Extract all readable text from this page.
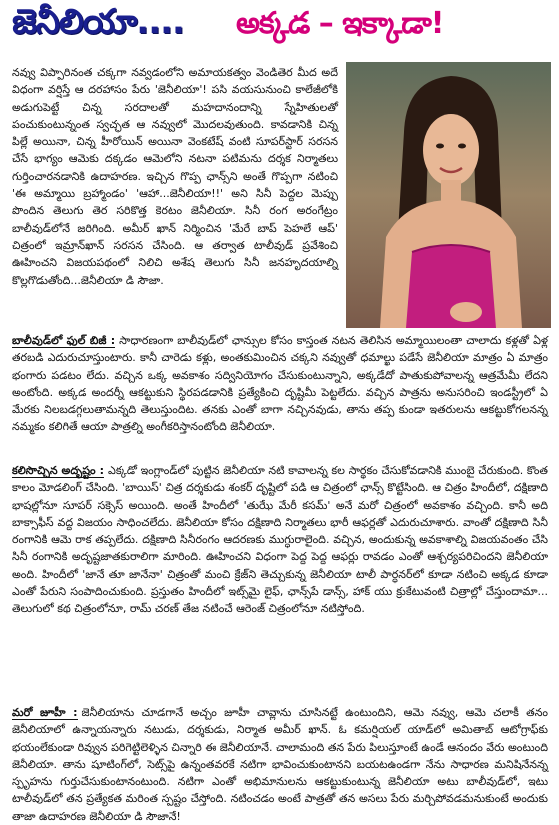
జెనీలియా.... అక్కడ – ఇక్కాడా!
నవ్వు విప్పారినంత చక్కగా నవ్వడంలోని అమాయకత్వం వెండితెర మీద అదే విధంగా వర్షిస్తే ఆ దరహాసం పేరు 'జెనీలియా'! పసి వయసునుంచి కాలేజీలోకి అడుగుపెట్టే చిన్న సరదాలతో మహదానందాన్ని స్నేహితులతో పంచుకుంటున్నంత స్వచ్ఛత ఆ నవ్వులో మొదలవుతుంది. కావడానికి చిన్న పిల్లే అయినా, చిన్న హీరోయిన్ అయినా వెంకటేష్ వంటి సూపర్‌స్టార్ సరసన చేసే భాగ్యం ఆమెకు దక్కడం ఆమెలోని నటనా పటిమను దర్శక నిర్మాతలు గుర్తించారనడానికి ఉదాహరణ. ఇచ్చిన గొప్ప ఛాన్స్‌ని అంతే గొప్పగా నటించి 'ఈ అమ్మాయి బ్రహ్మాండం' 'ఆహా...జెనీలియా!!' అని సినీ పెద్దల మెప్పు పొందిన తెలుగు తెర సరికొత్త కెరటం జెనీలియా. సినీ రంగ అరంగేట్రం బాలీవుడ్‌లోనే జరిగింది. అమీర్ ఖాన్ నిర్మించిన 'మేరే బాప్ పెహలే ఆప్' చిత్రంలో ఇమ్రాన్‌ఖాన్ సరసన చేసింది. ఆ తర్వాత టాలీవుడ్ ప్రవేశించి ఊహించని విజయపథంలో నిలిచి అశేష తెలుగు సినీ జనహృదయాల్ని కొల్లగొడుతోంది...జెనీలియా డి సౌజా.
బాలీవుడ్‌లో ఫుల్ బిజీ : సాధారణంగా బాలీవుడ్‌లో ఛాన్సుల కోసం కాస్తంత నటన తెలిసిన అమ్మాయిలంతా చాలాదు కళ్లతో ఏళ్ల తరబడి ఎదురుచూస్తుంటారు. కానీ చారెడు కళ్లు, అంతకుమించిన చక్కని నవ్వుతో ధమాల్ఖు పడేసే జెనీలియా మాత్రం ఏ మాత్రం భంగారు పడటం లేదు. వచ్చిన ఒక్క అవకాశం సద్వినియోగం చేసుకుంటున్నాని, అక్కడేదో పాతుకుపోవాలన్న ఆత్రమేమీ లేదని అంటోంది. అక్కడ అందర్నీ ఆకట్టుకుని స్థిరపడడానికి ప్రత్యేకించి దృష్టిమీ పెట్టలేదు. వచ్చిన పాత్రను అనుసరించి ఇండస్ట్రీలో ఏ మేరకు నిలబడగ్గలుతామన్నది తెలుస్తుందిట. తనకు ఎంతో బాగా నచ్చినవుడు, తాను తప్ప కుండా ఇతరులను ఆకట్టుకోగలనన్న నమ్మకం కలిగితే ఆయా పాత్రల్ని అంగీకరిస్తానంటోంది జెనీలియా.
కలిసొచ్చిన అదృష్టం : ఎక్కడో ఇంగ్లాండ్‌లో పుట్టిన జెనీలియా నటి కావాలన్న కల సార్థకం చేసుకోవడానికి ముంబై చేరుకుంది. కొంత కాలం మోడలింగ్ చేసింది. 'బాయిస్' చిత్ర దర్శకుడు శంకర్ దృష్టిలో పడి ఆ చిత్రంలో ఛాన్స్ కొట్టేసింది. ఆ చిత్రం హిందీలో, దక్షిణాది భాషల్లోనూ సూపర్ సక్సెస్ అయింది. అంతే హిందీలో 'తుఝే మేరీ కసమ్' అనే మరో చిత్రంలో అవకాశం వచ్చింది. కానీ అది బాక్సాఫీస్ వద్ద విజయం సాధించలేదు. జెనీలియా కోసం దక్షిణాది నిర్మాతలు భారీ ఆఫర్లతో ఎదురుచూశారు. వాంతో దక్షిణాది సినీ రంగానికి ఆమె రాక తప్పలేదు. దక్షిణాది సినీరంగం ఆదరణకు ముగ్ధురాలైంది. వచ్చిన, అందుకున్న అవకాశాల్ని విజయవంతం చేసి సినీ రంగానికి అదృష్టజాతకురాలిగా మారింది. ఊహించని విధంగా పెద్ద పెద్ద ఆఫర్లు రావడం ఎంతో ఆశ్చర్యపరిచిందని జెనీలియా అంది. హిందీలో 'జానే తూ జానేనా' చిత్రంతో మంచి క్రేజ్‌ని తెచ్చుకున్న జెనీలియా టాలీ పార్ధనర్‌లో కూడా నటించి అక్కడ కూడా ఎంతో పేరుని సంపాదించుకుంది. ప్రస్తుతం హిందీలో ఇట్స్‌మై లైఫ్, ఛాన్స్‌పే డాన్స్, హాక్ యు క్రుకేటువంటి చిత్రాల్లో చేస్తుందామా... తెలుగులో కథ చిత్రంలోనూ, రామ్ చరణ్ తేజ నటించే ఆరెంజ్ చిత్రంలోనూ నటిస్తోంది.
మరో జూహీ : జెనీలియాను చూడగానే అచ్చం జూహీ చావ్లాను చూసినట్టే ఉంటుందిని, ఆమె నవ్వు, ఆమె చలాకీ తనం జెనీలియాలో ఉన్నాయన్నారు నటుడు, దర్శకుడు, నిర్మాత అమీర్ ఖాన్. ఓ కమర్షియల్ యాడ్‌లో అమితాబ్ ఆటోగ్రాఫ్‌కు భయంలేకుండా రివ్వున పరిగెట్టిలెళ్ళిన చిన్నారి ఈ జెనీలియానే. చాలామంది తన పేరు పిలుస్తూంటే ఉండే ఆనందం వేరు అంటుంది జెనీలియా. తాను షూటింగ్‌లో, సెట్స్‌పై ఉన్నంతవరకే నటిగా భావించుకుంటానని బయటఉండగా నేను సాధారణ మనిషినేనన్న స్పృహను గుర్తుచేసుకుంటానంటుంది. నటిగా ఎంతో అభిమానులను ఆకట్టుకుంటున్న జెనీలియా అటు బాలీవుడ్‌లో, ఇటు టాలీవుడ్‌లో తన ప్రత్యేకత మరింత స్పష్టం చేస్తోంది. నటించడం అంటే పాత్రతో తన అసలు పేరు మర్చిపోవడమనుకుంటే అందుకు తాజా ఉదాహరణ జెనీలియా డి సౌజానే!
